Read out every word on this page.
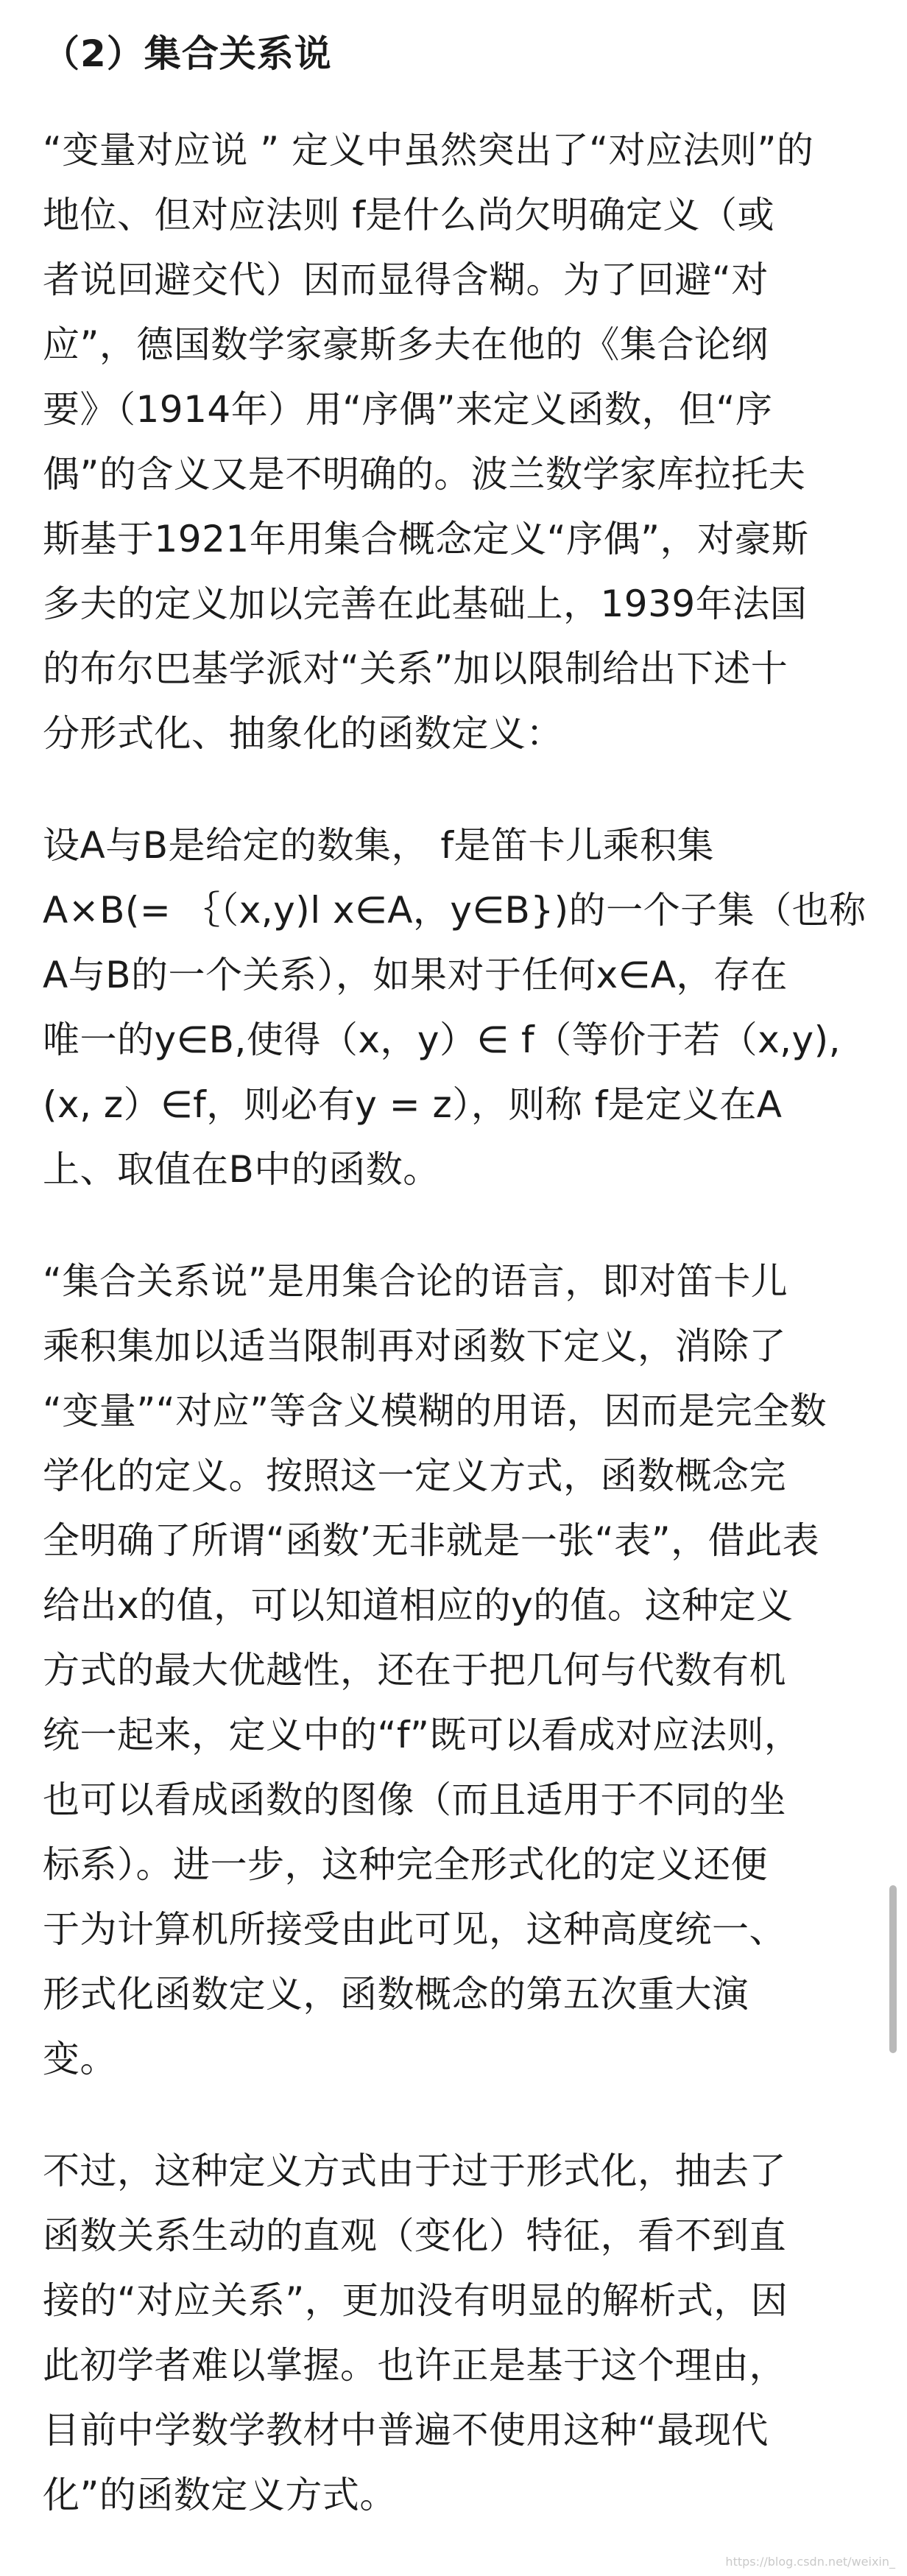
（2）集合关系说

“变量对应说 ” 定义中虽然突出了“对应法则”的
地位、但对应法则 f是什么尚欠明确定义（或
者说回避交代）因而显得含糊。为了回避“对
应”，德国数学家豪斯多夫在他的《集合论纲
要》（1914年）用“序偶”来定义函数，但“序
偶”的含义又是不明确的。波兰数学家库拉托夫
斯基于1921年用集合概念定义“序偶”，对豪斯
多夫的定义加以完善在此基础上，1939年法国
的布尔巴基学派对“关系”加以限制给出下述十
分形式化、抽象化的函数定义：

设A与B是给定的数集， f是笛卡儿乘积集
A×B(= ｛（x,y)l x∈A，y∈B})的一个子集（也称
A与B的一个关系），如果对于任何x∈A，存在
唯一的y∈B,使得（x，y）∈ f（等价于若（x,y),
(x, z）∈f，则必有y = z），则称 f是定义在A
上、取值在B中的函数。

“集合关系说”是用集合论的语言，即对笛卡儿
乘积集加以适当限制再对函数下定义，消除了
“变量”“对应”等含义模糊的用语，因而是完全数
学化的定义。按照这一定义方式，函数概念完
全明确了所谓“函数’无非就是一张“表”，借此表
给出x的值，可以知道相应的y的值。这种定义
方式的最大优越性，还在于把几何与代数有机
统一起来，定义中的“f”既可以看成对应法则，
也可以看成函数的图像（而且适用于不同的坐
标系）。进一步，这种完全形式化的定义还便
于为计算机所接受由此可见，这种高度统一、
形式化函数定义，函数概念的第五次重大演
变。

不过，这种定义方式由于过于形式化，抽去了
函数关系生动的直观（变化）特征，看不到直
接的“对应关系”，更加没有明显的解析式，因
此初学者难以掌握。也许正是基于这个理由，
目前中学数学教材中普遍不使用这种“最现代
化”的函数定义方式。

https://blog.csdn.net/weixin_
